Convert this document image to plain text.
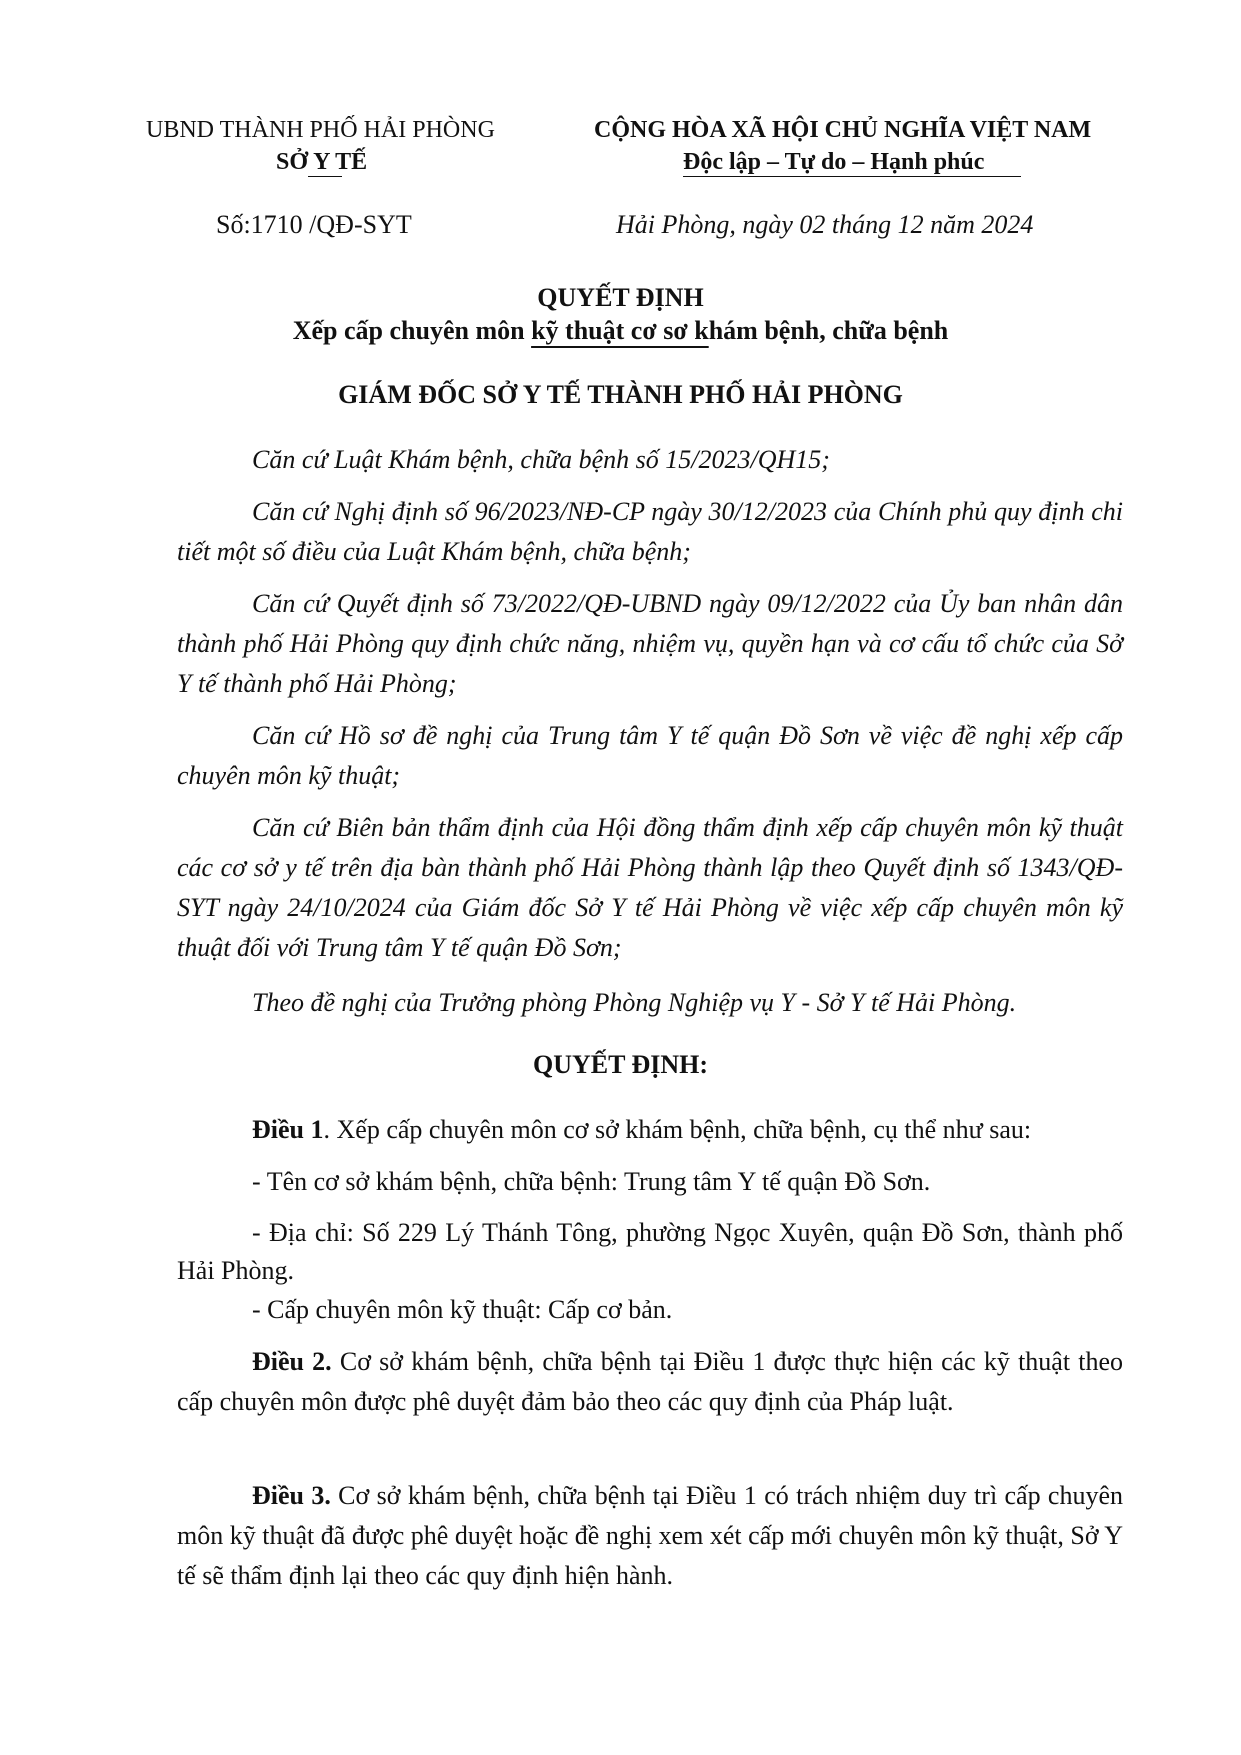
UBND THÀNH PHỐ HẢI PHÒNG
SỞ Y TẾ
CỘNG HÒA XÃ HỘI CHỦ NGHĨA VIỆT NAM
Độc lập – Tự do – Hạnh phúc
Số:1710 /QĐ-SYT	Hải Phòng, ngày 02 tháng 12 năm 2024
QUYẾT ĐỊNH
Xếp cấp chuyên môn kỹ thuật cơ sơ khám bệnh, chữa bệnh
GIÁM ĐỐC SỞ Y TẾ THÀNH PHỐ HẢI PHÒNG
Căn cứ Luật Khám bệnh, chữa bệnh số 15/2023/QH15;
Căn cứ Nghị định số 96/2023/NĐ-CP ngày 30/12/2023 của Chính phủ quy định chi tiết một số điều của Luật Khám bệnh, chữa bệnh;
Căn cứ Quyết định số 73/2022/QĐ-UBND ngày 09/12/2022 của Ủy ban nhân dân thành phố Hải Phòng quy định chức năng, nhiệm vụ, quyền hạn và cơ cấu tổ chức của Sở Y tế thành phố Hải Phòng;
Căn cứ Hồ sơ đề nghị của Trung tâm Y tế quận Đồ Sơn về việc đề nghị xếp cấp chuyên môn kỹ thuật;
Căn cứ Biên bản thẩm định của Hội đồng thẩm định xếp cấp chuyên môn kỹ thuật các cơ sở y tế trên địa bàn thành phố Hải Phòng thành lập theo Quyết định số 1343/QĐ-SYT ngày 24/10/2024 của Giám đốc Sở Y tế Hải Phòng về việc xếp cấp chuyên môn kỹ thuật đối với Trung tâm Y tế quận Đồ Sơn;
Theo đề nghị của Trưởng phòng Phòng Nghiệp vụ Y - Sở Y tế Hải Phòng.
QUYẾT ĐỊNH:
Điều 1. Xếp cấp chuyên môn cơ sở khám bệnh, chữa bệnh, cụ thể như sau:
- Tên cơ sở khám bệnh, chữa bệnh: Trung tâm Y tế quận Đồ Sơn.
- Địa chỉ: Số 229 Lý Thánh Tông, phường Ngọc Xuyên, quận Đồ Sơn, thành phố Hải Phòng.
- Cấp chuyên môn kỹ thuật: Cấp cơ bản.
Điều 2. Cơ sở khám bệnh, chữa bệnh tại Điều 1 được thực hiện các kỹ thuật theo cấp chuyên môn được phê duyệt đảm bảo theo các quy định của Pháp luật.
Điều 3. Cơ sở khám bệnh, chữa bệnh tại Điều 1 có trách nhiệm duy trì cấp chuyên môn kỹ thuật đã được phê duyệt hoặc đề nghị xem xét cấp mới chuyên môn kỹ thuật, Sở Y tế sẽ thẩm định lại theo các quy định hiện hành.
